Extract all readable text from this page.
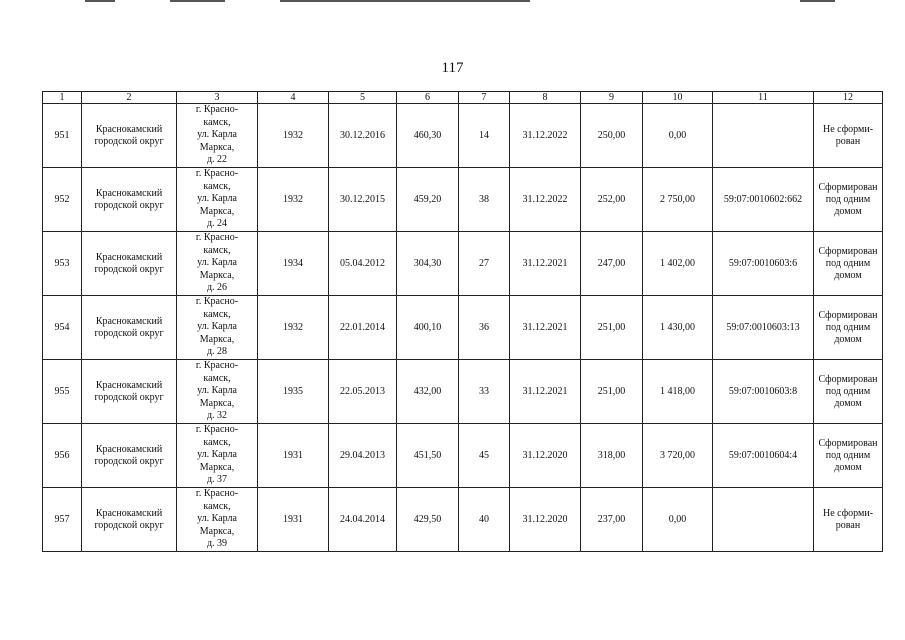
117
1	2	3	4	5	6	7	8	9	10	11	12
951	Краснокамский городской округ	г. Красно-
камск,
ул. Карла
Маркса,
д. 22	1932	30.12.2016	460,30	14	31.12.2022	250,00	0,00		Не сформи-
рован
952	Краснокамский городской округ	г. Красно-
камск,
ул. Карла
Маркса,
д. 24	1932	30.12.2015	459,20	38	31.12.2022	252,00	2 750,00	59:07:0010602:662	Сформирован
под одним
домом
953	Краснокамский городской округ	г. Красно-
камск,
ул. Карла
Маркса,
д. 26	1934	05.04.2012	304,30	27	31.12.2021	247,00	1 402,00	59:07:0010603:6	Сформирован
под одним
домом
954	Краснокамский городской округ	г. Красно-
камск,
ул. Карла
Маркса,
д. 28	1932	22.01.2014	400,10	36	31.12.2021	251,00	1 430,00	59:07:0010603:13	Сформирован
под одним
домом
955	Краснокамский городской округ	г. Красно-
камск,
ул. Карла
Маркса,
д. 32	1935	22.05.2013	432,00	33	31.12.2021	251,00	1 418,00	59:07:0010603:8	Сформирован
под одним
домом
956	Краснокамский городской округ	г. Красно-
камск,
ул. Карла
Маркса,
д. 37	1931	29.04.2013	451,50	45	31.12.2020	318,00	3 720,00	59:07:0010604:4	Сформирован
под одним
домом
957	Краснокамский городской округ	г. Красно-
камск,
ул. Карла
Маркса,
д. 39	1931	24.04.2014	429,50	40	31.12.2020	237,00	0,00		Не сформи-
рован
